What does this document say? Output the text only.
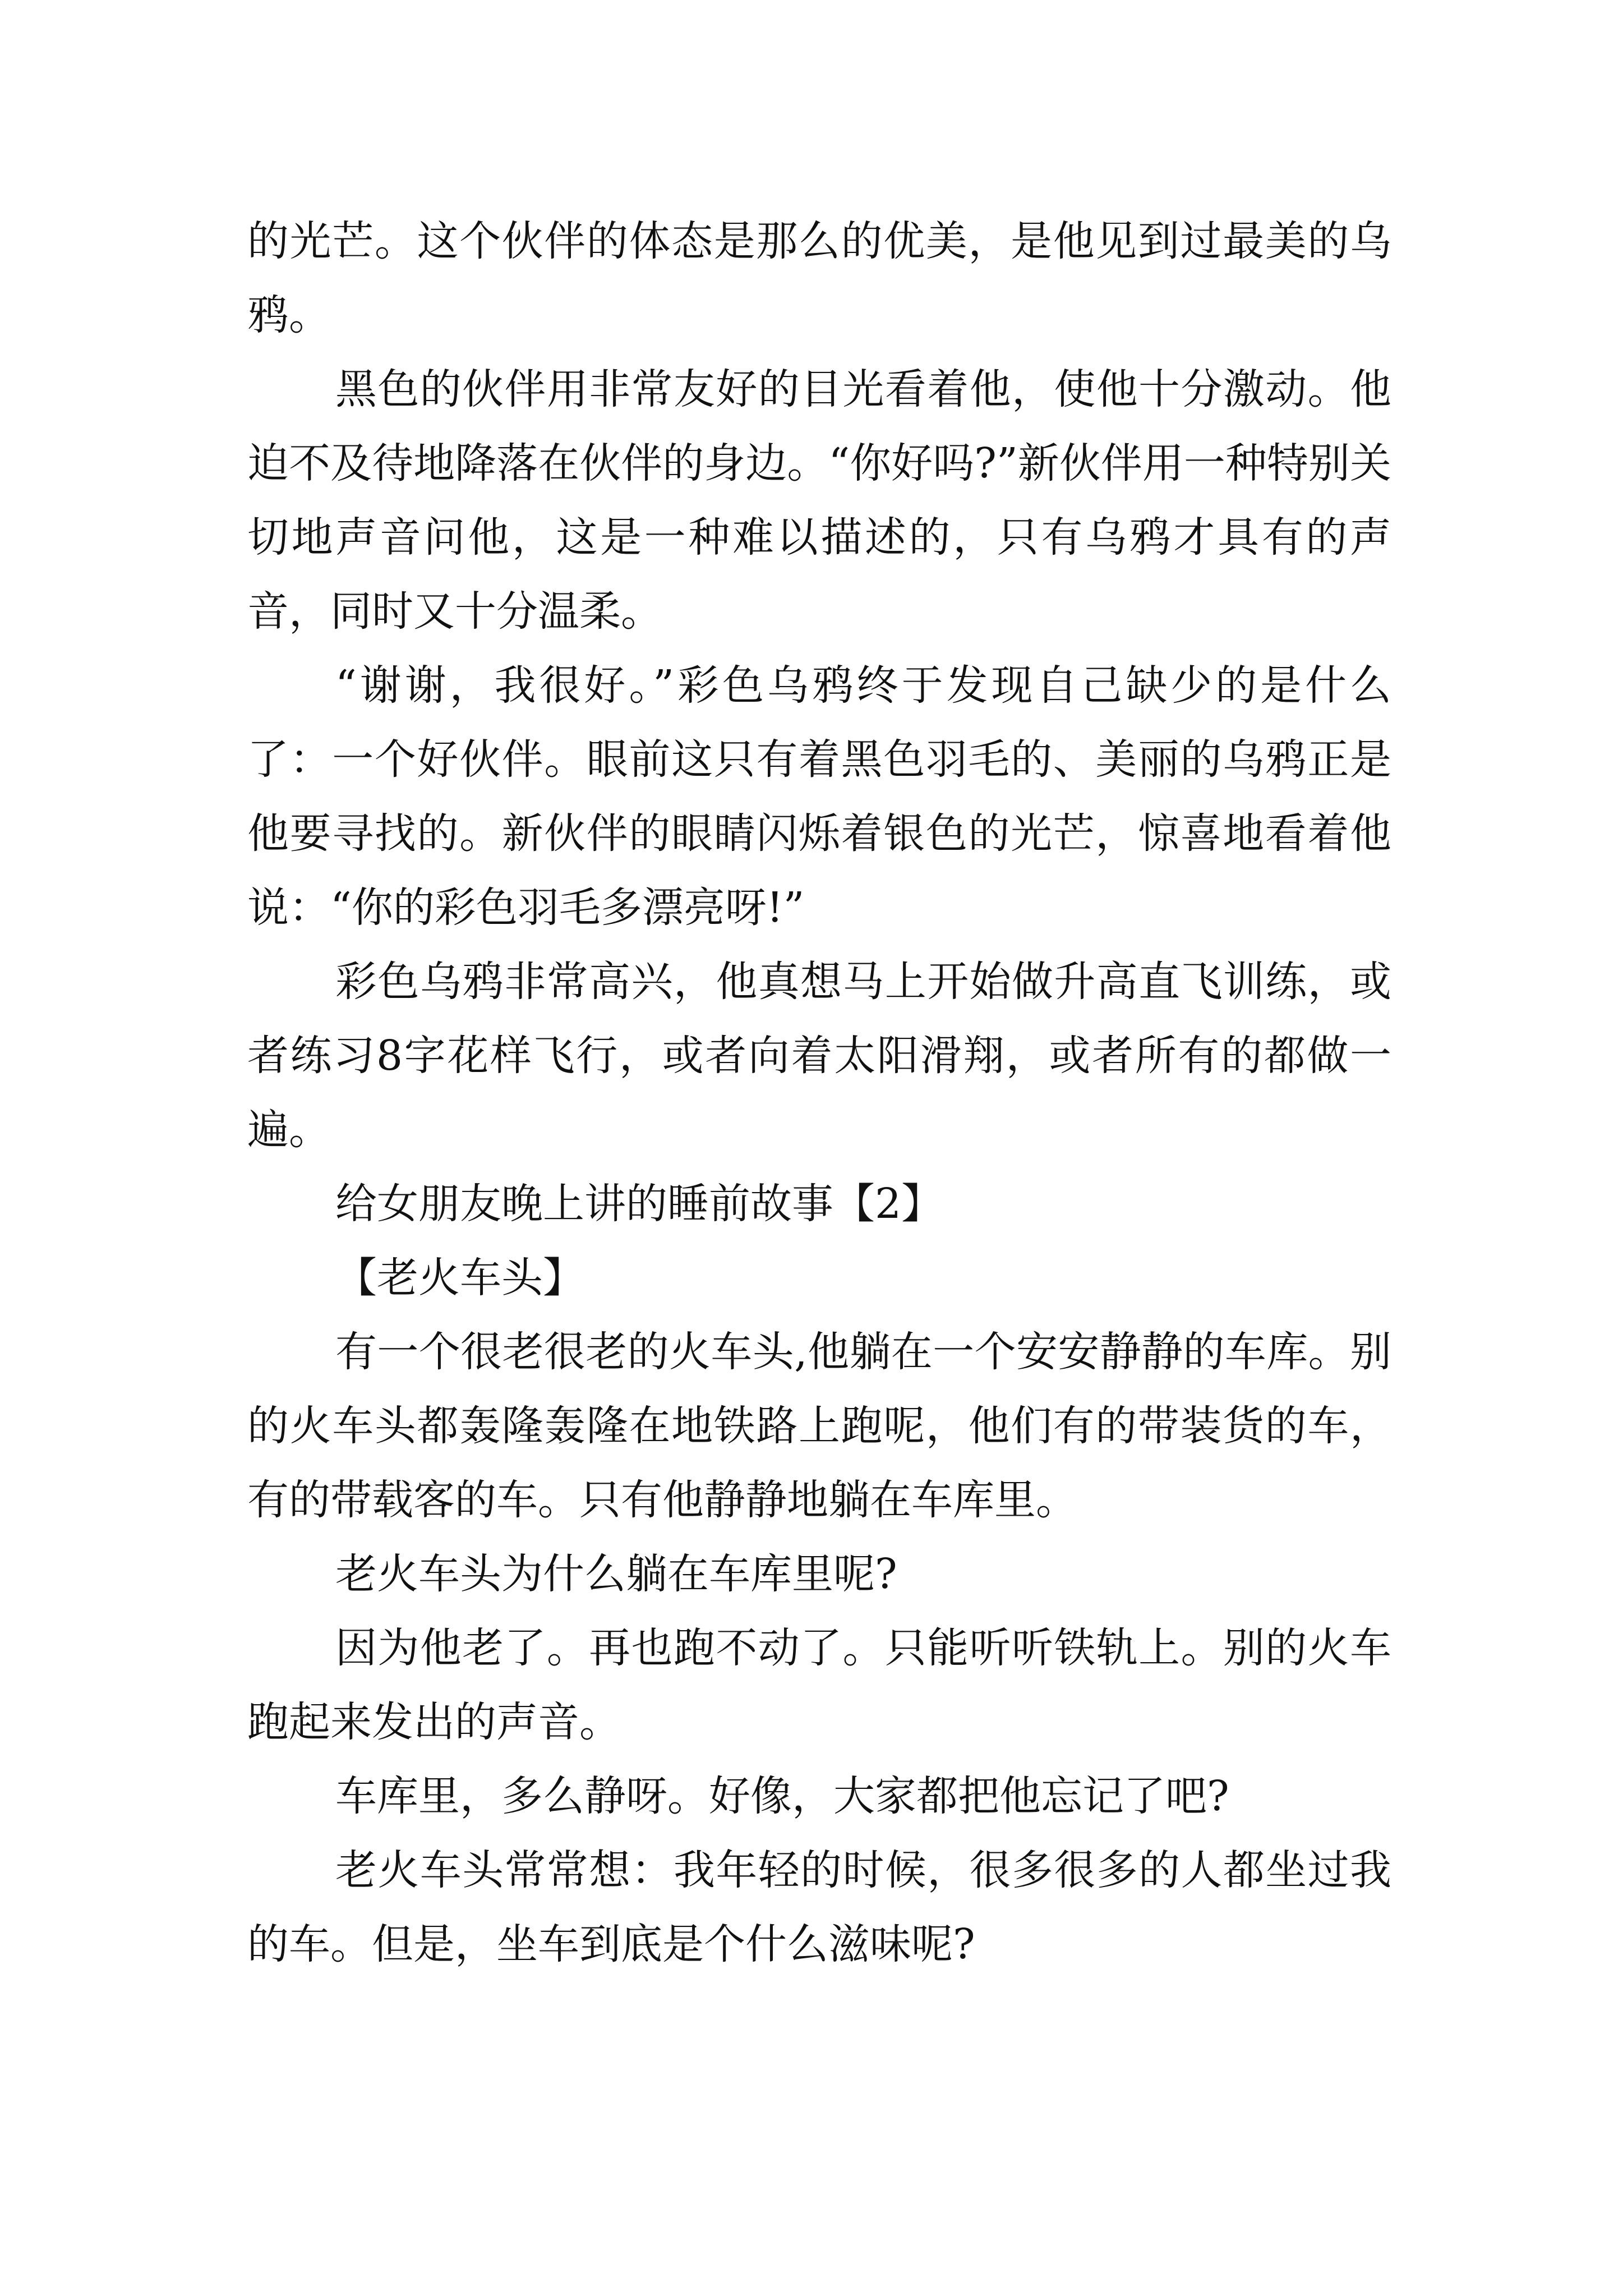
的光芒。这个伙伴的体态是那么的优美，是他见到过最美的乌鸦。

黑色的伙伴用非常友好的目光看着他，使他十分激动。他迫不及待地降落在伙伴的身边。“你好吗?”新伙伴用一种特别关切地声音问他，这是一种难以描述的，只有乌鸦才具有的声音，同时又十分温柔。

“谢谢，我很好。”彩色乌鸦终于发现自己缺少的是什么了：一个好伙伴。眼前这只有着黑色羽毛的、美丽的乌鸦正是他要寻找的。新伙伴的眼睛闪烁着银色的光芒，惊喜地看着他说：“你的彩色羽毛多漂亮呀!”

彩色乌鸦非常高兴，他真想马上开始做升高直飞训练，或者练习8字花样飞行，或者向着太阳滑翔，或者所有的都做一遍。

给女朋友晚上讲的睡前故事【2】

【老火车头】

有一个很老很老的火车头,他躺在一个安安静静的车库。别的火车头都轰隆轰隆在地铁路上跑呢，他们有的带装货的车，有的带载客的车。只有他静静地躺在车库里。

老火车头为什么躺在车库里呢?

因为他老了。再也跑不动了。只能听听铁轨上。别的火车跑起来发出的声音。

车库里，多么静呀。好像，大家都把他忘记了吧?

老火车头常常想：我年轻的时候，很多很多的人都坐过我的车。但是，坐车到底是个什么滋味呢?
